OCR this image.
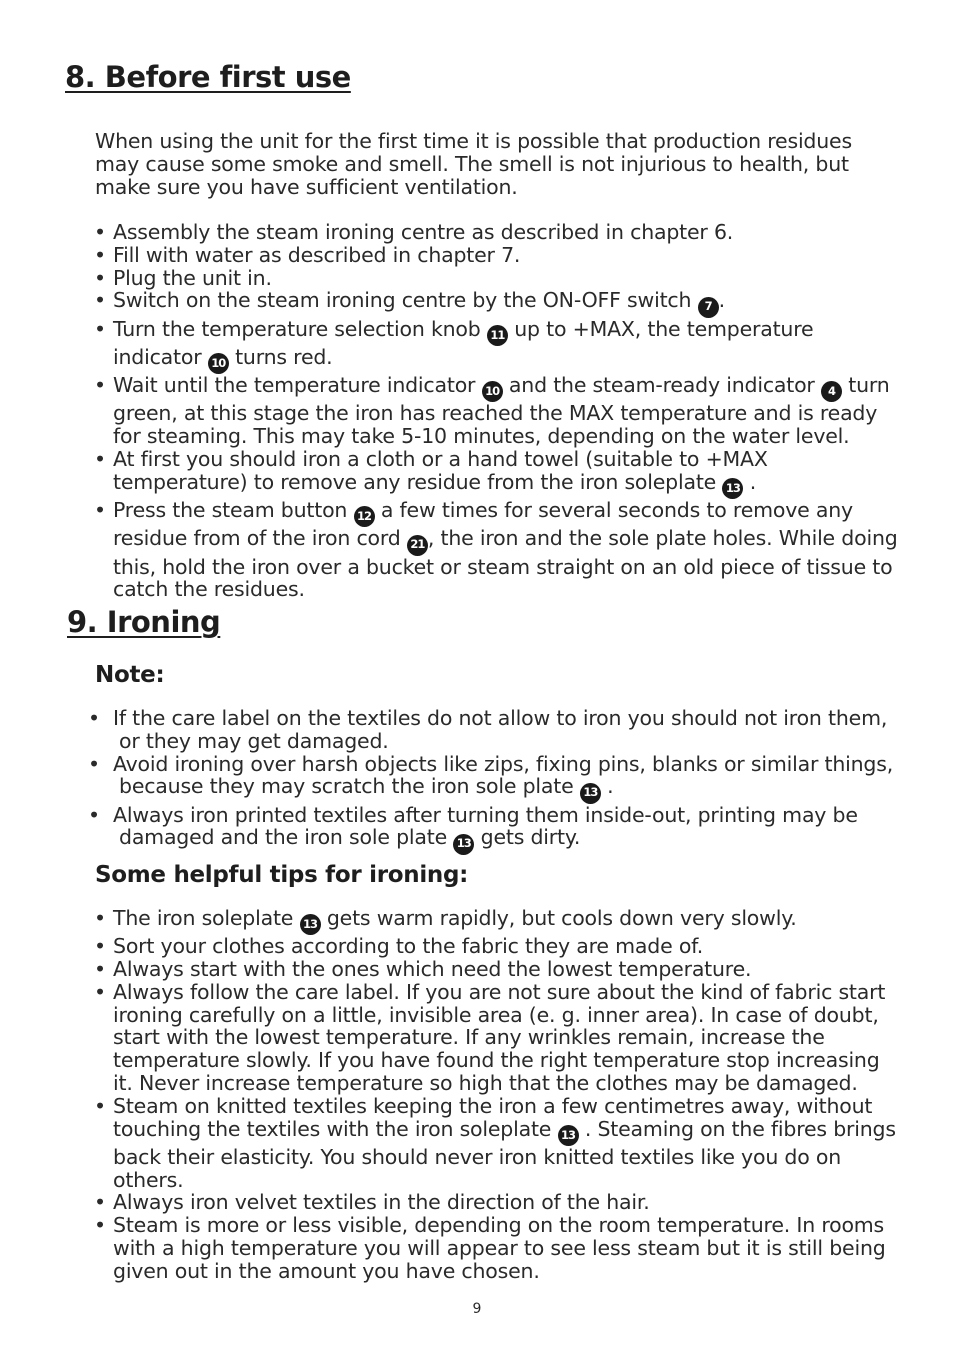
8. Before first use

When using the unit for the first time it is possible that production residues may cause some smoke and smell. The smell is not injurious to health, but make sure you have sufficient ventilation.

• Assembly the steam ironing centre as described in chapter 6.
• Fill with water as described in chapter 7.
• Plug the unit in.
• Switch on the steam ironing centre by the ON-OFF switch 7 .
• Turn the temperature selection knob 11 up to +MAX, the temperature indicator 10 turns red.
• Wait until the temperature indicator 10 and the steam-ready indicator 4 turn green, at this stage the iron has reached the MAX temperature and is ready for steaming. This may take 5-10 minutes, depending on the water level.
• At first you should iron a cloth or a hand towel (suitable to +MAX temperature) to remove any residue from the iron soleplate 13 .
• Press the steam button 12 a few times for several seconds to remove any residue from of the iron cord 21 , the iron and the sole plate holes. While doing this, hold the iron over a bucket or steam straight on an old piece of tissue to catch the residues.
9. Ironing
Note:
• If the care label on the textiles do not allow to iron you should not iron them, or they may get damaged.
• Avoid ironing over harsh objects like zips, fixing pins, blanks or similar things, because they may scratch the iron sole plate 13 .
• Always iron printed textiles after turning them inside-out, printing may be damaged and the iron sole plate 13 gets dirty.
Some helpful tips for ironing:
• The iron soleplate 13 gets warm rapidly, but cools down very slowly.
• Sort your clothes according to the fabric they are made of.
• Always start with the ones which need the lowest temperature.
• Always follow the care label. If you are not sure about the kind of fabric start ironing carefully on a little, invisible area (e. g. inner area). In case of doubt, start with the lowest temperature. If any wrinkles remain, increase the temperature slowly. If you have found the right temperature stop increasing it. Never increase temperature so high that the clothes may be damaged.
• Steam on knitted textiles keeping the iron a few centimetres away, without touching the textiles with the iron soleplate 13 . Steaming on the fibres brings back their elasticity. You should never iron knitted textiles like you do on others.
• Always iron velvet textiles in the direction of the hair.
• Steam is more or less visible, depending on the room temperature. In rooms with a high temperature you will appear to see less steam but it is still being given out in the amount you have chosen.
9
